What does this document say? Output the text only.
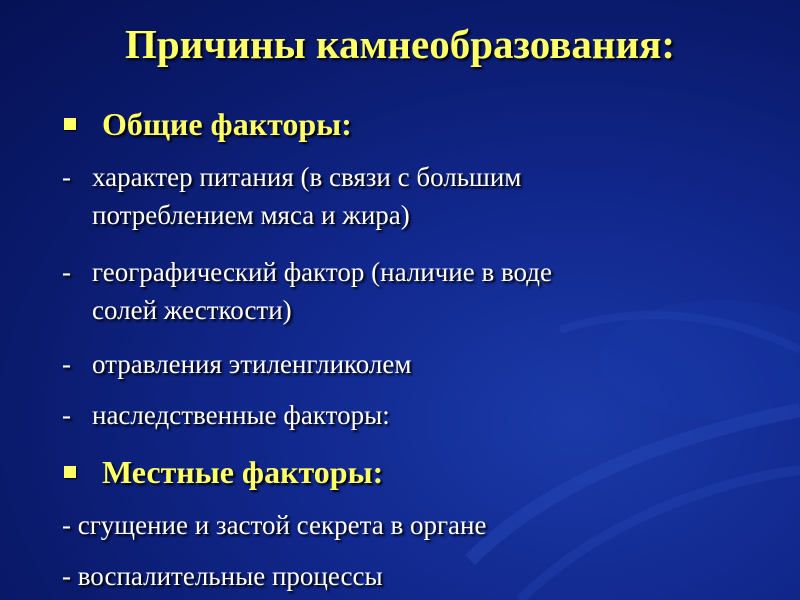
Причины камнеобразования:
Общие факторы:
- характер питания (в связи с большим
потреблением мяса и жира)
- географический фактор (наличие в воде
солей жесткости)
- отравления этиленгликолем
- наследственные факторы:
Местные факторы:
- сгущение и застой секрета в органе
- воспалительные процессы
